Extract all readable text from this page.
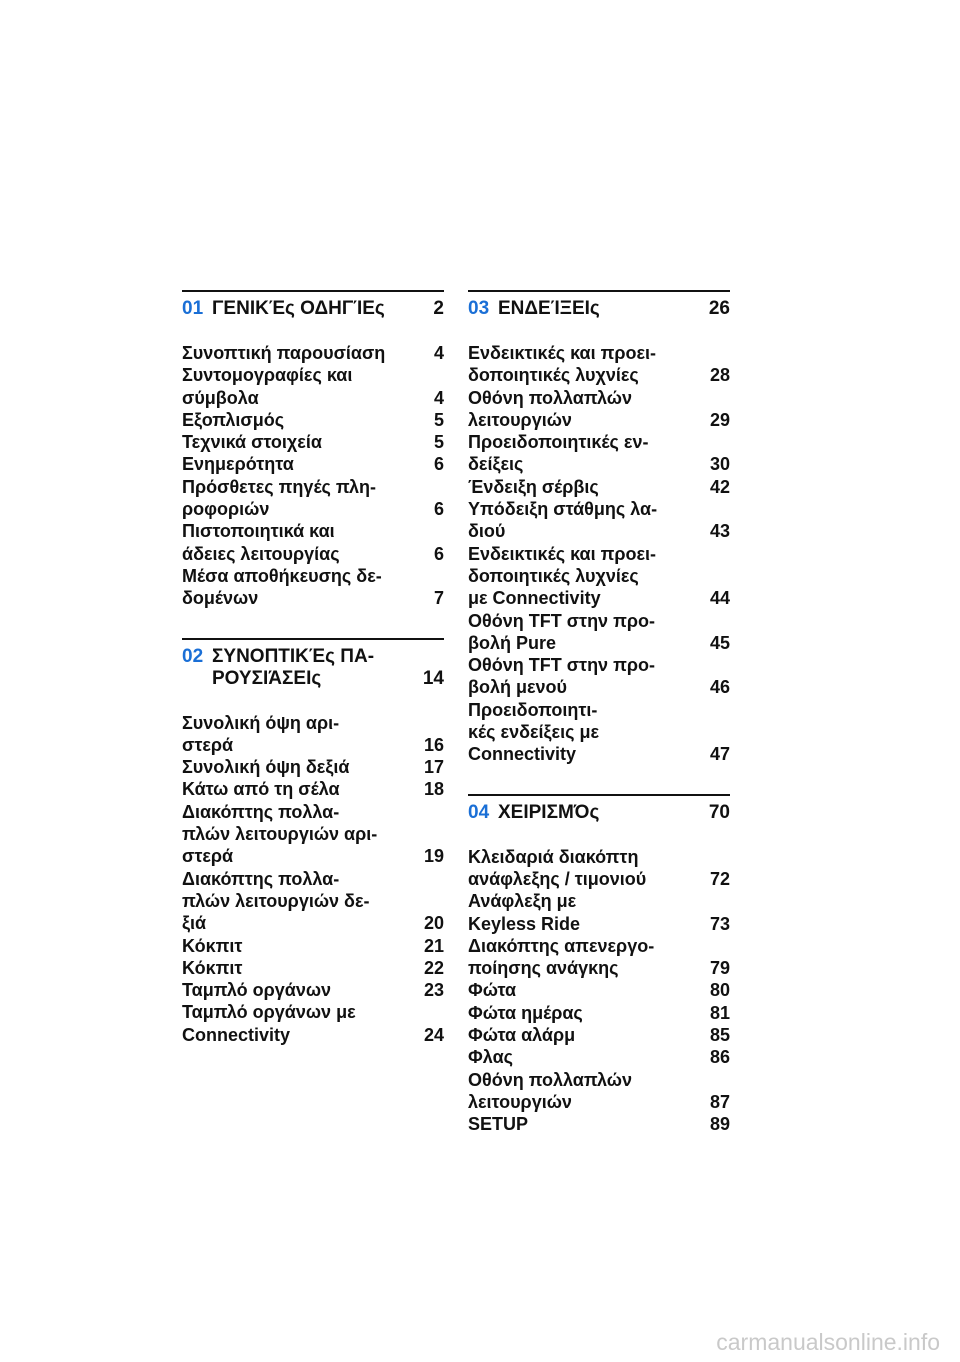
01 ΓΕΝΙΚΈς ΟΔΗΓΊΕς	2
Συνοπτική παρουσίαση	4
Συντομογραφίες και
σύμβολα	4
Εξοπλισμός	5
Τεχνικά στοιχεία	5
Ενημερότητα	6
Πρόσθετες πηγές πλη-
ροφοριών	6
Πιστοποιητικά και
άδειες λειτουργίας	6
Μέσα αποθήκευσης δε-
δομένων	7
02 ΣΥΝΟΠΤΙΚΈς ΠΑ-
ΡΟΥΣΙΆΣΕΙς	14
Συνολική όψη αρι-
στερά	16
Συνολική όψη δεξιά	17
Κάτω από τη σέλα	18
Διακόπτης πολλα-
πλών λειτουργιών αρι-
στερά	19
Διακόπτης πολλα-
πλών λειτουργιών δε-
ξιά	20
Κόκπιτ	21
Κόκπιτ	22
Ταμπλό οργάνων	23
Ταμπλό οργάνων με
Connectivity	24
03 ΕΝΔΕΊΞΕΙς	26
Ενδεικτικές και προει-
δοποιητικές λυχνίες	28
Οθόνη πολλαπλών
λειτουργιών	29
Προειδοποιητικές εν-
δείξεις	30
Ένδειξη σέρβις	42
Υπόδειξη στάθμης λα-
διού	43
Ενδεικτικές και προει-
δοποιητικές λυχνίες
με Connectivity	44
Οθόνη TFT στην προ-
βολή Pure	45
Οθόνη TFT στην προ-
βολή μενού	46
Προειδοποιητι-
κές ενδείξεις με
Connectivity	47
04 ΧΕΙΡΙΣΜΌς	70
Κλειδαριά διακόπτη
ανάφλεξης / τιμονιού	72
Ανάφλεξη με
Keyless Ride	73
Διακόπτης απενεργο-
ποίησης ανάγκης	79
Φώτα	80
Φώτα ημέρας	81
Φώτα αλάρμ	85
Φλας	86
Οθόνη πολλαπλών
λειτουργιών	87
SETUP	89
carmanualsonline.info
